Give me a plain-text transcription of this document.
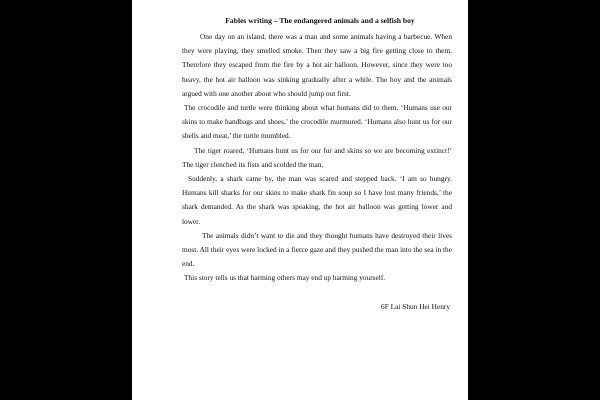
Fables writing – The endangered animals and a selfish boy

One day on an island, there was a man and some animals having a barbecue. When they were playing, they smelled smoke. Then they saw a big fire getting close to them. Therefore they escaped from the fire by a hot air balloon. However, since they were too heavy, the hot air balloon was sinking gradually after a while. The boy and the animals argued with one another about who should jump out first.

The crocodile and turtle were thinking about what humans did to them. ‘Humans use our skins to make handbags and shoes,’ the crocodile murmured. ‘Humans also hunt us for our shells and meat,’ the turtle mumbled.

The tiger roared, ‘Humans hunt us for our fur and skins so we are becoming extinct!’ The tiger clenched its fists and scolded the man.

Suddenly, a shark came by, the man was scared and stepped back. ‘I am so hungry. Humans kill sharks for our skins to make shark fin soup so I have lost many friends,’ the shark demanded. As the shark was speaking, the hot air balloon was getting lower and lower.

The animals didn’t want to die and they thought humans have destroyed their lives most. All their eyes were locked in a fierce gaze and they pushed the man into the sea in the end.

This story tells us that harming others may end up harming yourself.

6F Lai Shun Hei Henry
